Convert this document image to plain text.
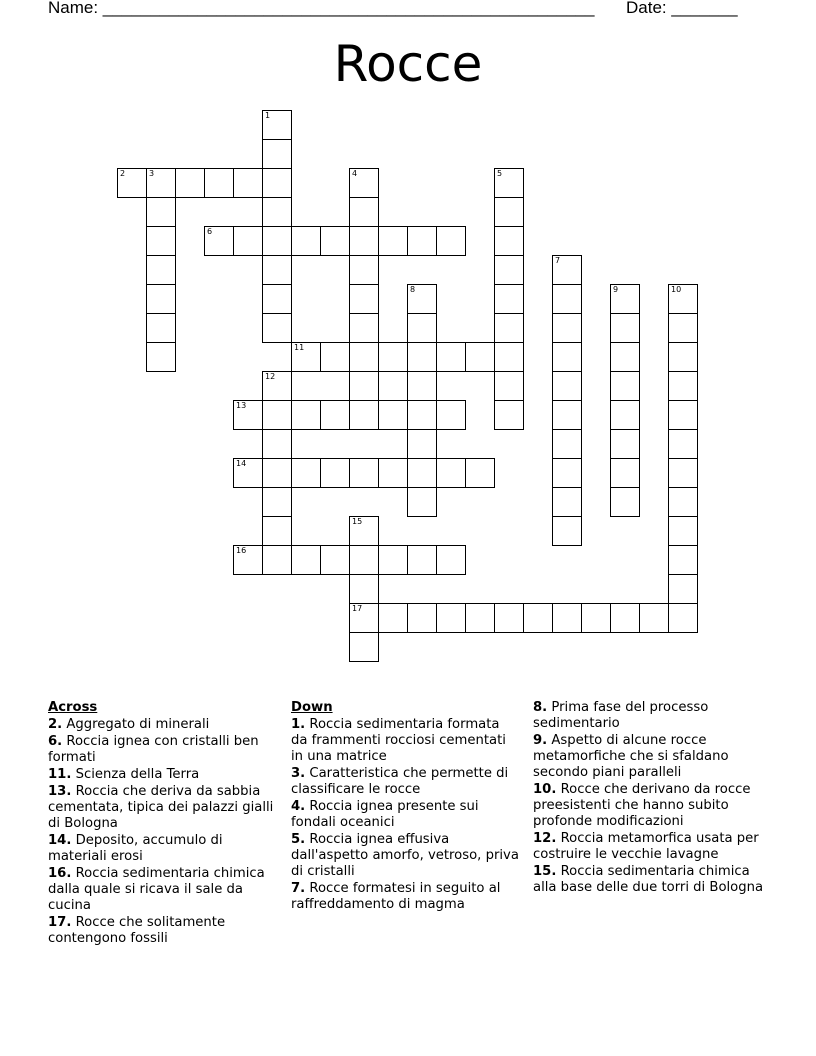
Name: ____________________________________________________ Date: _______
Rocce
2	3
6
11
13
14
16
17
1
4	5
7
8	9	10
12
15
Across
2. Aggregato di minerali
6. Roccia ignea con cristalli ben formati
11. Scienza della Terra
13. Roccia che deriva da sabbia cementata, tipica dei palazzi gialli di Bologna
14. Deposito, accumulo di materiali erosi
16. Roccia sedimentaria chimica dalla quale si ricava il sale da cucina
17. Rocce che solitamente contengono fossili
Down
1. Roccia sedimentaria formata da frammenti rocciosi cementati in una matrice
3. Caratteristica che permette di classificare le rocce
4. Roccia ignea presente sui fondali oceanici
5. Roccia ignea effusiva dall'aspetto amorfo, vetroso, priva di cristalli
7. Rocce formatesi in seguito al raffreddamento di magma
8. Prima fase del processo sedimentario
9. Aspetto di alcune rocce metamorfiche che si sfaldano secondo piani paralleli
10. Rocce che derivano da rocce preesistenti che hanno subito profonde modificazioni
12. Roccia metamorfica usata per costruire le vecchie lavagne
15. Roccia sedimentaria chimica alla base delle due torri di Bologna
